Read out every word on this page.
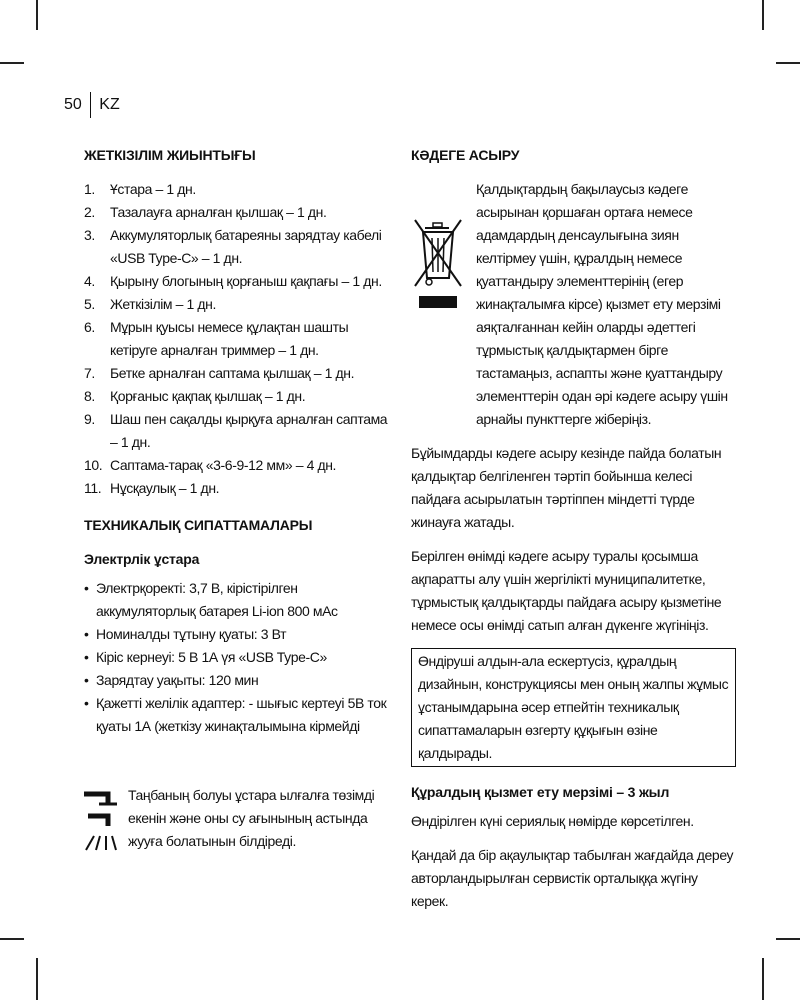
50 KZ
ЖЕТКІЗІЛІМ ЖИЫНТЫҒЫ
1. Ұстара – 1 дн.
2. Тазалауға арналған қылшақ – 1 дн.
3. Аккумуляторлық батареяны зарядтау кабелі «USB Type-C» – 1 дн.
4. Қырыну блогының қорғаныш қақпағы – 1 дн.
5. Жеткізілім – 1 дн.
6. Мұрын қуысы немесе құлақтан шашты кетіруге арналған триммер – 1 дн.
7. Бетке арналған саптама қылшақ – 1 дн.
8. Қорғаныс қақпақ қылшақ – 1 дн.
9. Шаш пен сақалды қырқуға арналған саптама – 1 дн.
10. Саптама-тарақ «3-6-9-12 мм» – 4 дн.
11. Нұсқаулық – 1 дн.
ТЕХНИКАЛЫҚ СИПАТТАМАЛАРЫ
Электрлік ұстара
• Электрқоректі: 3,7 В, кірістірілген аккумуляторлық батарея Li-ion 800 мАс
• Номиналды тұтыну қуаты: 3 Вт
• Кіріс кернеуі: 5 В 1А үя «USB Type-C»
• Зарядтау уақыты: 120 мин
• Қажетті желілік адаптер: - шығыс кертеуі 5В ток қуаты 1А (жеткізу жинақталымына кірмейді
Таңбаның болуы ұстара ылғалға төзімді екенін және оны су ағынының астында жууға болатынын білдіреді.
КӘДЕГЕ АСЫРУ

Қалдықтардың бақылаусыз кәдеге асырынан қоршаған ортаға немесе адамдардың денсаулығына зиян келтірмеу үшін, құралдың немесе қуаттандыру элементтерінің (егер жинақталымға кірсе) қызмет ету мерзімі аяқталғаннан кейін оларды әдеттегі тұрмыстық қалдықтармен бірге тастамаңыз, аспапты және қуаттандыру элементтерін одан әрі кәдеге асыру үшін арнайы пункттерге жіберіңіз.

Бұйымдарды кәдеге асыру кезінде пайда болатын қалдықтар белгіленген тәртіп бойынша келесі пайдаға асырылатын тәртіппен міндетті түрде жинауға жатады.

Берілген өнімді кәдеге асыру туралы қосымша ақпаратты алу үшін жергілікті муниципалитетке, тұрмыстық қалдықтарды пайдаға асыру қызметіне немесе осы өнімді сатып алған дүкенге жүгініңіз.

Өндіруші алдын-ала ескертусіз, құралдың дизайнын, конструкциясы мен оның жалпы жұмыс ұстанымдарына әсер етпейтін техникалық сипаттамаларын өзгерту құқығын өзіне қалдырады.
Құралдың қызмет ету мерзімі – 3 жыл

Өндірілген күні сериялық нөмірде көрсетілген.

Қандай да бір ақаулықтар табылған жағдайда дереу авторландырылған сервистік орталыққа жүгіну керек.
